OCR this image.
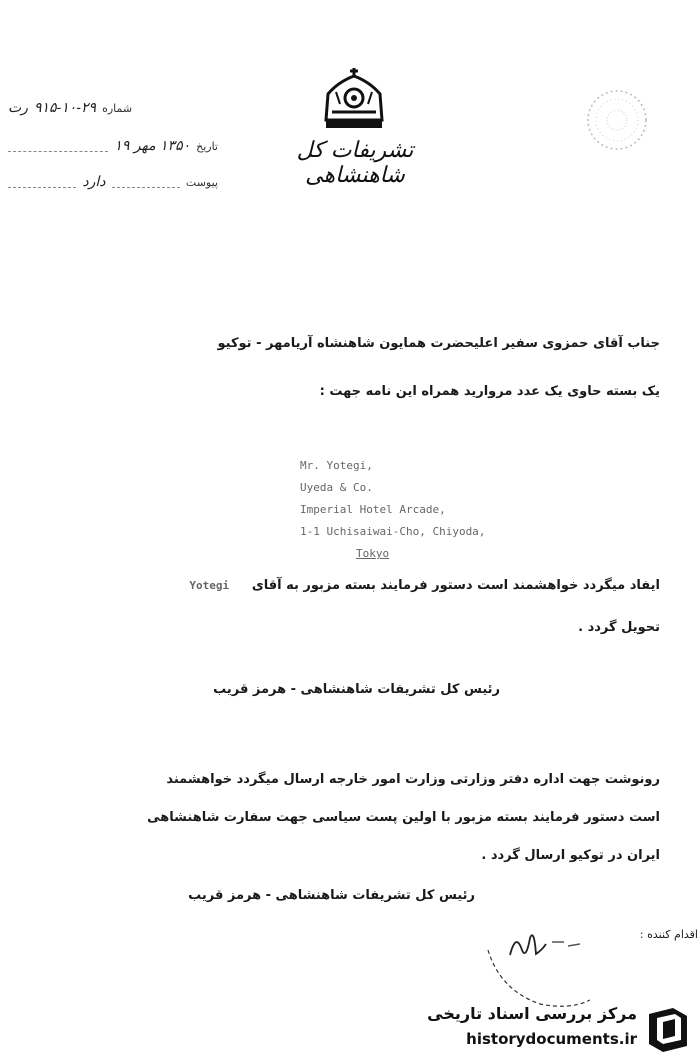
شماره
۹۱۵-۱۰-۲۹
رت
تاریخ
۱۳۵۰ مهر ۱۹
پیوست
دارد
تشریفات کل شاهنشاهی
جناب آقای حمزوی سفیر اعلیحضرت همایون شاهنشاه آریامهر - توکیو
یک بسته حاوی یک عدد مروارید همراه این نامه جهت :
Mr. Yotegi,
Uyeda & Co.
Imperial Hotel Arcade,
1-1 Uchisaiwai-Cho, Chiyoda,
Tokyo
ایفاد میگردد خواهشمند است دستور فرمایند بسته مزبور به آقای     Yotegi
تحویل گردد .
رئیس کل تشریفات شاهنشاهی - هرمز قریب
رونوشت جهت اداره دفتر وزارتی وزارت امور خارجه ارسال میگردد خواهشمند
است دستور فرمایند بسته مزبور با اولین پست سیاسی جهت سفارت شاهنشاهی
ایران در توکیو ارسال گردد .
رئیس کل تشریفات شاهنشاهی - هرمز قریب
اقدام کننده :
مرکز بررسی اسناد تاریخی
historydocuments.ir
